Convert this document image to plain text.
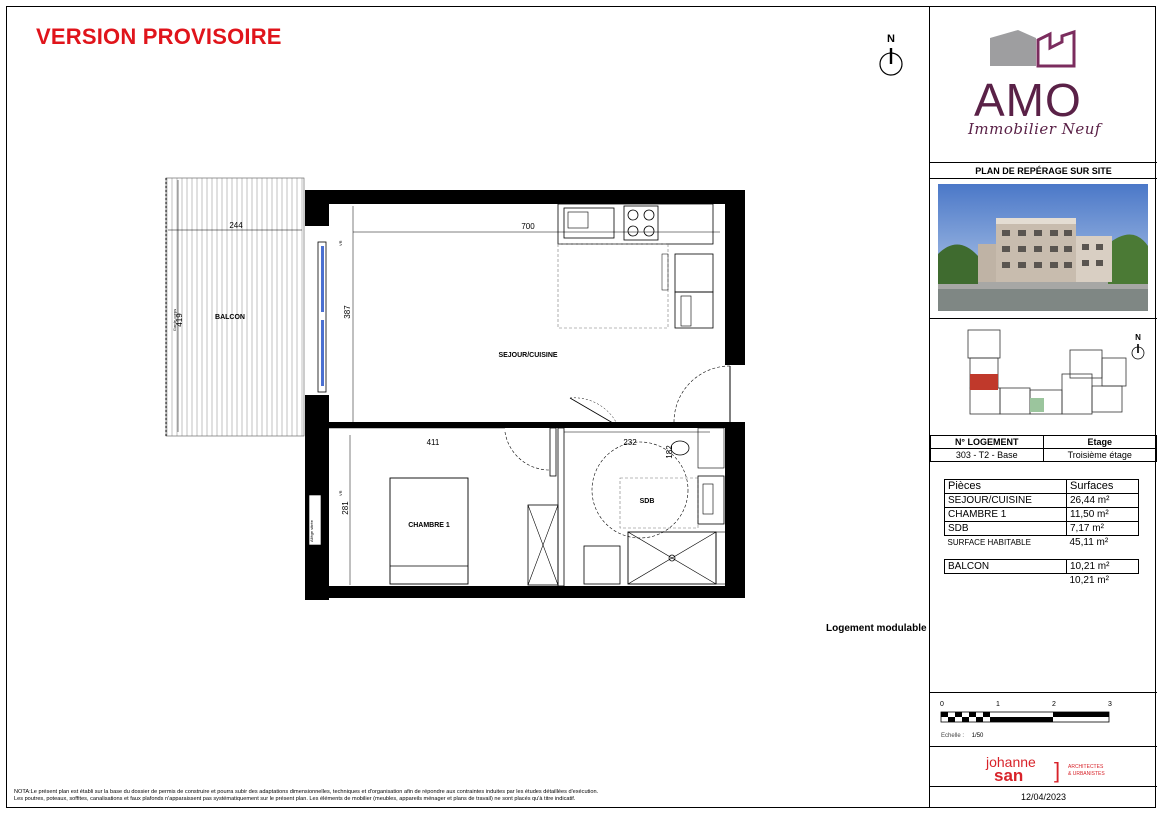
VERSION PROVISOIRE	N
BALCON
244
419
Garde-corps
VR
700
387
SEJOUR/CUISINE
411
281
CHAMBRE 1
Allège vitrée
VR
232
182
SDB
Logement modulable
NOTA:Le présent plan est établi sur la base du dossier de permis de construire et pourra subir des adaptations dimensionnelles, techniques et d'organisation afin de répondre aux contraintes induites par les études détaillées d'exécution.
Les poutres, poteaux, soffites, canalisations et faux plafonds n'apparaissent pas systématiquement sur le présent plan. Les éléments de mobilier (meubles, appareils ménager et plans de travail) ne sont placés qu'à titre indicatif.
AMO
Immobilier Neuf
PLAN DE REPÉRAGE SUR SITE
N
N° LOGEMENT	Etage
303 - T2 - Base	Troisième étage
Pièces	Surfaces
SEJOUR/CUISINE	26,44 m²
CHAMBRE 1	11,50 m²
SDB	7,17 m²
SURFACE HABITABLE	45,11 m²

BALCON	10,21 m²
	10,21 m²
0	1	2	3
Echelle : 1/50
johanne
san ] ARCHITECTES
& URBANISTES
12/04/2023
